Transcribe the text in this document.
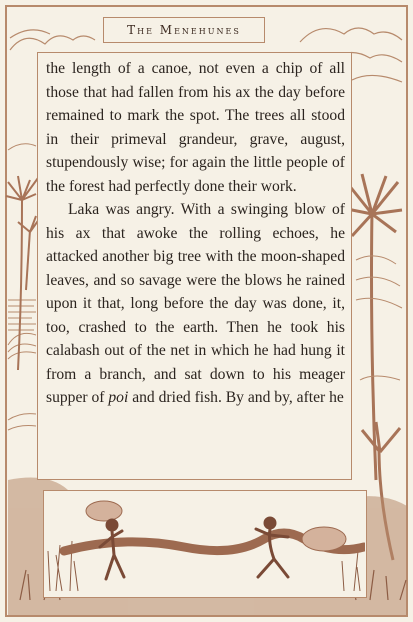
The Menehunes

the length of a canoe, not even a chip of all those that had fallen from his ax the day before remained to mark the spot. The trees all stood in their primeval grandeur, grave, august, stupendously wise; for again the little people of the forest had perfectly done their work.

Laka was angry. With a swinging blow of his ax that awoke the rolling echoes, he attacked another big tree with the moon-shaped leaves, and so savage were the blows he rained upon it that, long before the day was done, it, too, crashed to the earth. Then he took his calabash out of the net in which he had hung it from a branch, and sat down to his meager supper of poi and dried fish. By and by, after he
